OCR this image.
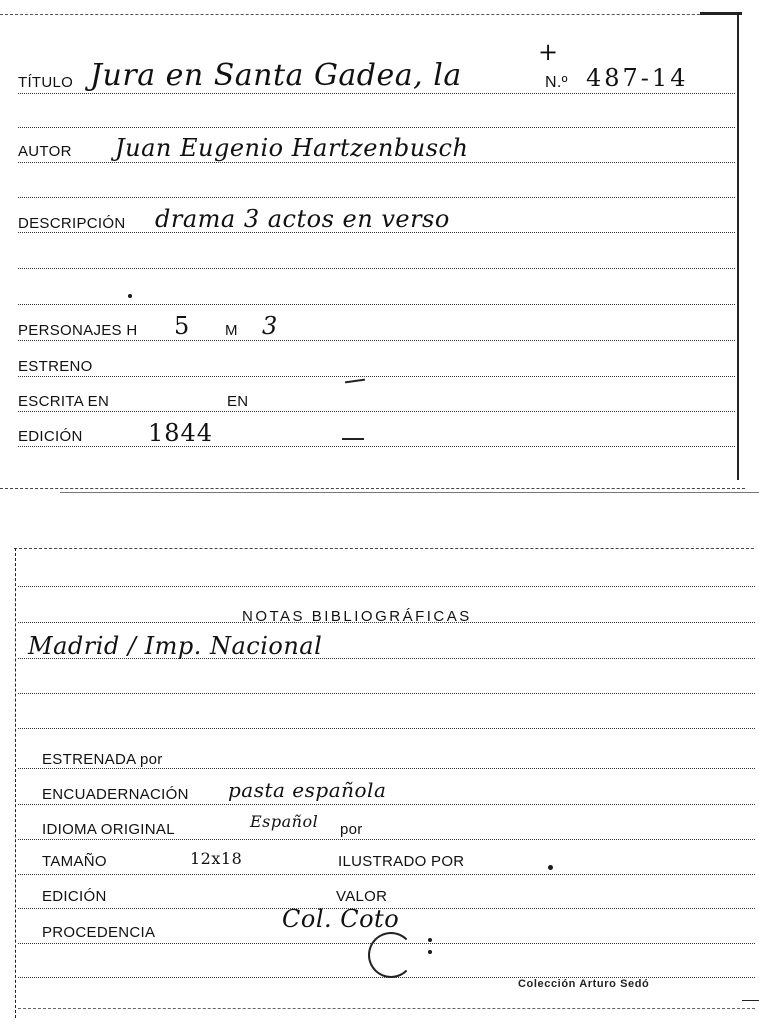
TÍTULO Jura en Santa Gadea, la
+
N.º 487-14
AUTOR Juan Eugenio Hartzenbusch
DESCRIPCIÓN drama 3 actos en verso
PERSONAJES H 5 M 3
ESTRENO
ESCRITA EN	EN
EDICIÓN	1844
NOTAS BIBLIOGRÁFICAS
Madrid / Imp. Nacional
ESTRENADA por
ENCUADERNACIÓN pasta española
IDIOMA ORIGINAL	Español por
TAMAÑO	12x18	ILUSTRADO POR
EDICIÓN	VALOR
PROCEDENCIA	Col. Coto
Colección Arturo Sedó
